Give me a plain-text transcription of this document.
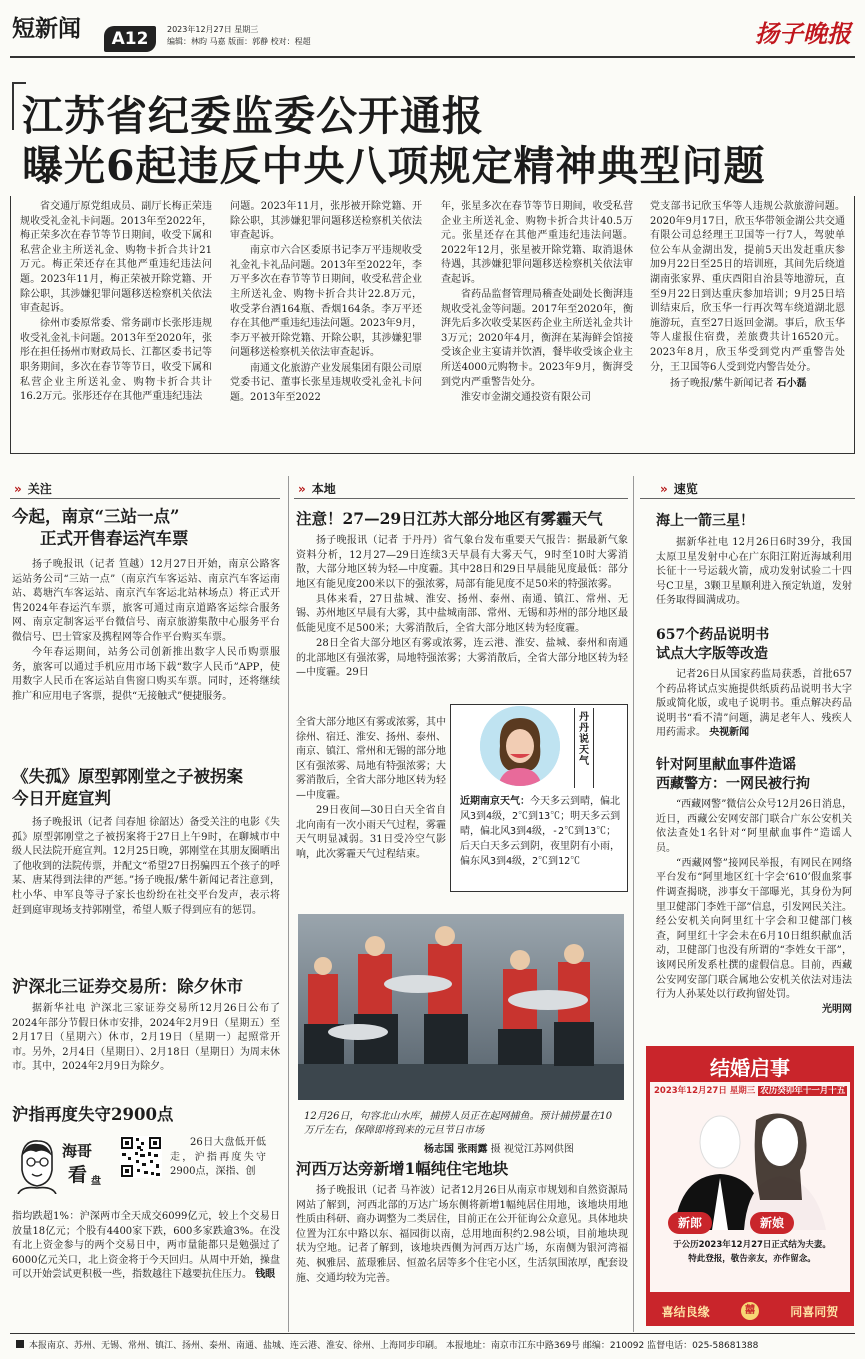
短新闻	A12	2023年12月27日 星期三
编辑：林昀 马嘉 版面：郭静 校对：程超	扬子晚报
江苏省纪委监委公开通报
曝光6起违反中央八项规定精神典型问题

省交通厅原党组成员、副厅长梅正荣违规收受礼金礼卡问题。2013年至2022年，梅正荣多次在春节等节日期间，收受下属和私营企业主所送礼金、购物卡折合共计21万元。梅正荣还存在其他严重违纪违法问题。2023年11月，梅正荣被开除党籍、开除公职，其涉嫌犯罪问题移送检察机关依法审查起诉。

徐州市委原常委、常务副市长张彤违规收受礼金礼卡问题。2013年至2020年，张彤在担任扬州市财政局长、江都区委书记等职务期间，多次在春节等节日，收受下属和私营企业主所送礼金、购物卡折合共计16.2万元。张彤还存在其他严重违纪违法

问题。2023年11月，张彤被开除党籍、开除公职，其涉嫌犯罪问题移送检察机关依法审查起诉。

南京市六合区委原书记李万平违规收受礼金礼卡礼品问题。2013年至2022年，李万平多次在春节等节日期间，收受私营企业主所送礼金、购物卡折合共计22.8万元，收受茅台酒164瓶、香烟164条。李万平还存在其他严重违纪违法问题。2023年9月，李万平被开除党籍、开除公职，其涉嫌犯罪问题移送检察机关依法审查起诉。

南通文化旅游产业发展集团有限公司原党委书记、董事长张星违规收受礼金礼卡问题。2013年至2022

年，张星多次在春节等节日期间，收受私营企业主所送礼金、购物卡折合共计40.5万元。张星还存在其他严重违纪违法问题。2022年12月，张星被开除党籍、取消退休待遇，其涉嫌犯罪问题移送检察机关依法审查起诉。

省药品监督管理局稽查处副处长衡湃违规收受礼金等问题。2017年至2020年，衡湃先后多次收受某医药企业主所送礼金共计3万元；2020年4月，衡湃在某海鲜会馆接受该企业主宴请并饮酒，餐毕收受该企业主所送4000元购物卡。2023年9月，衡湃受到党内严重警告处分。

淮安市金湖交通投资有限公司

党支部书记欣玉华等人违规公款旅游问题。2020年9月17日，欣玉华带领金湖公共交通有限公司总经理王卫国等一行7人，驾驶单位公车从金湖出发，提前5天出发赶重庆参加9月22日至25日的培训班，其间先后绕道湖南张家界、重庆酉阳自治县等地游玩，直至9月22日到达重庆参加培训；9月25日培训结束后，欣玉华一行再次驾车绕道湖北恩施游玩，直至27日返回金湖。事后，欣玉华等人虚报住宿费，差旅费共计16520元。2023年8月，欣玉华受到党内严重警告处分，王卫国等6人受到党内警告处分。

扬子晚报/紫牛新闻记者 石小磊

» 关注
今起，南京“三站一点”
正式开售春运汽车票

扬子晚报讯（记者 笪越）12月27日开始，南京公路客运站务公司“三站一点”（南京汽车客运站、南京汽车客运南站、葛塘汽车客运站、南京汽车客运北站林场点）将正式开售2024年春运汽车票，旅客可通过南京道路客运综合服务网、南京定制客运平台微信号、南京旅游集散中心服务平台微信号、巴士管家及携程网等合作平台购买车票。

今年春运期间，站务公司创新推出数字人民币购票服务，旅客可以通过手机应用市场下载“数字人民币”APP，使用数字人民币在客运站自售窗口购买车票。同时，还将继续推广和应用电子客票，提供“无接触式”便捷服务。

《失孤》原型郭刚堂之子被拐案
今日开庭宣判

扬子晚报讯（记者 闫春旭 徐韶达）备受关注的电影《失孤》原型郭刚堂之子被拐案将于27日上午9时，在聊城市中级人民法院开庭宣判。12月25日晚，郭刚堂在其朋友圈晒出了他收到的法院传票，并配文“希望27日拐骗四五个孩子的呼某、唐某得到法律的严惩。”扬子晚报/紫牛新闻记者注意到，杜小华、申军良等寻子家长也纷纷在社交平台发声，表示将赶到庭审现场支持郭刚堂，希望人贩子得到应有的惩罚。

沪深北三证券交易所：除夕休市

据新华社电 沪深北三家证券交易所12月26日公布了2024年部分节假日休市安排，2024年2月9日（星期五）至2月17日（星期六）休市，2月19日（星期一）起照常开市。另外，2月4日（星期日）、2月18日（星期日）为周末休市。其中，2024年2月9日为除夕。

沪指再度失守2900点
海哥
看 盘

26日大盘低开低走，沪指再度失守2900点，深指、创

指均跌超1%：沪深两市全天成交6099亿元，较上个交易日放量18亿元；个股有4400家下跌，600多家跌逾3%。在没有北上资金参与的两个交易日中，两市量能都只是勉强过了6000亿元关口，北上资金将于今天回归。从周中开始，操盘可以开始尝试更积极一些，指数越往下越要抗住压力。 钱眼

» 本地
注意！27—29日江苏大部分地区有雾霾天气

扬子晚报讯（记者 于丹丹）省气象台发布重要天气报告：据最新气象资料分析，12月27—29日连续3天早晨有大雾天气，9时至10时大雾消散，大部分地区转为轻—中度霾。其中28日和29日早晨能见度最低：部分地区有能见度200米以下的强浓雾，局部有能见度不足50米的特强浓雾。

具体来看，27日盐城、淮安、扬州、泰州、南通、镇江、常州、无锡、苏州地区早晨有大雾，其中盐城南部、常州、无锡和苏州的部分地区最低能见度不足500米；大雾消散后，全省大部分地区转为轻度霾。

28日全省大部分地区有雾或浓雾，连云港、淮安、盐城、泰州和南通的北部地区有强浓雾，局地特强浓雾；大雾消散后，全省大部分地区转为轻—中度霾。29日

全省大部分地区有雾或浓雾，其中徐州、宿迁、淮安、扬州、泰州、南京、镇江、常州和无锡的部分地区有强浓雾、局地有特强浓雾；大雾消散后，全省大部分地区转为轻—中度霾。

29日夜间—30日白天全省自北向南有一次小雨天气过程，雾霾天气明显减弱。31日受冷空气影响，此次雾霾天气过程结束。

丹丹说天气
近期南京天气：今天多云到晴，偏北风3到4级，2℃到13℃；明天多云到晴，偏北风3到4级，-2℃到13℃；后天白天多云到阴，夜里阴有小雨，偏东风3到4级，2℃到12℃
12月26日，句容北山水库，捕捞人员正在起网捕鱼。预计捕捞量在10万斤左右，保障即将到来的元旦节日市场
杨志国 张雨露 摄 视觉江苏网供图
河西万达旁新增1幅纯住宅地块

扬子晚报讯（记者 马祚波）记者12月26日从南京市规划和自然资源局网站了解到，河西北部的万达广场东侧将新增1幅纯居住用地，该地块用地性质由科研、商办调整为二类居住，目前正在公开征询公众意见。具体地块位置为江东中路以东、福园街以南，总用地面积约2.98公顷，目前地块现状为空地。记者了解到，该地块西侧为河西万达广场，东南侧为银河湾福苑、枫雅居、蓝璟雅居、恒盈名居等多个住宅小区，生活氛围浓厚，配套设施、交通均较为完善。

» 速览
海上一箭三星！

据新华社电 12月26日6时39分，我国太原卫星发射中心在广东阳江附近海域利用长征十一号运载火箭，成功发射试验二十四号C卫星，3颗卫星顺利进入预定轨道，发射任务取得圆满成功。

657个药品说明书
试点大字版等改造

记者26日从国家药监局获悉，首批657个药品将试点实施提供纸质药品说明书大字版或简化版，或电子说明书。重点解决药品说明书“看不清”问题，满足老年人、残疾人用药需求。 央视新闻

针对阿里献血事件造谣
西藏警方：一网民被行拘

“西藏网警”微信公众号12月26日消息，近日，西藏公安网安部门联合广东公安机关依法查处1名针对“阿里献血事件”造谣人员。

“西藏网警”接网民举报，有网民在网络平台发布“阿里地区红十字会‘610’假血浆事件调查揭晓，涉事女干部曝光，其身份为阿里卫健部门李姓干部”信息，引发网民关注。经公安机关向阿里红十字会和卫健部门核查，阿里红十字会未在6月10日组织献血活动，卫健部门也没有所谓的“李姓女干部”，该网民所发系杜撰的虚假信息。目前，西藏公安网安部门联合属地公安机关依法对违法行为人孙某处以行政拘留处罚。

光明网

结婚启事
2023年12月27日 星期三 农历癸卯年十一月十五
新郎	新娘
于公历2023年12月27日正式结为夫妻。
特此登报，敬告亲友，亦作留念。
喜结良缘	囍	同喜同贺
本报南京、苏州、无锡、常州、镇江、扬州、泰州、南通、盐城、连云港、淮安、徐州、上海同步印刷。 本报地址：南京市江东中路369号 邮编：210092 监督电话：025-58681388
